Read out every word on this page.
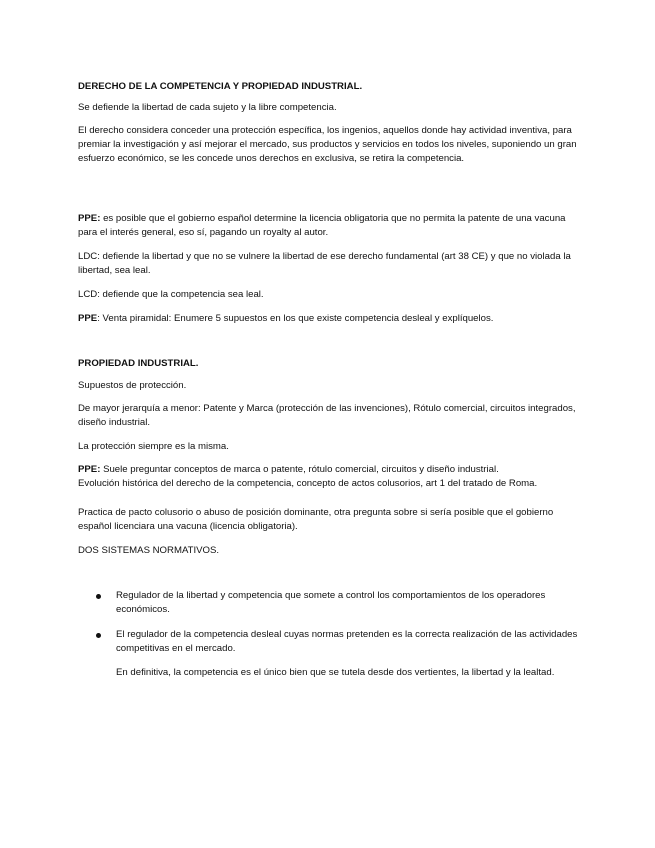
DERECHO DE LA COMPETENCIA Y PROPIEDAD INDUSTRIAL.

Se defiende la libertad de cada sujeto y la libre competencia.

El derecho considera conceder una protección específica, los ingenios, aquellos donde hay actividad inventiva, para premiar la investigación y así mejorar el mercado, sus productos y servicios en todos los niveles, suponiendo un gran esfuerzo económico, se les concede unos derechos en exclusiva, se retira la competencia.

PPE: es posible que el gobierno español determine la licencia obligatoria que no permita la patente de una vacuna para el interés general, eso sí, pagando un royalty al autor.

LDC: defiende la libertad y que no se vulnere la libertad de ese derecho fundamental (art 38 CE) y que no violada la libertad, sea leal.

LCD: defiende que la competencia sea leal.

PPE: Venta piramidal: Enumere 5 supuestos en los que existe competencia desleal y explíquelos.

PROPIEDAD INDUSTRIAL.

Supuestos de protección.

De mayor jerarquía a menor: Patente y Marca (protección de las invenciones), Rótulo comercial, circuitos integrados, diseño industrial.

La protección siempre es la misma.

PPE: Suele preguntar conceptos de marca o patente, rótulo comercial, circuitos y diseño industrial.

Evolución histórica del derecho de la competencia, concepto de actos colusorios, art 1 del tratado de Roma.

Practica de pacto colusorio o abuso de posición dominante, otra pregunta sobre si sería posible que el gobierno español licenciara una vacuna (licencia obligatoria).

DOS SISTEMAS NORMATIVOS.

Regulador de la libertad y competencia que somete a control los comportamientos de los operadores económicos.

El regulador de la competencia desleal cuyas normas pretenden es la correcta realización de las actividades competitivas en el mercado.

En definitiva, la competencia es el único bien que se tutela desde dos vertientes, la libertad y la lealtad.
